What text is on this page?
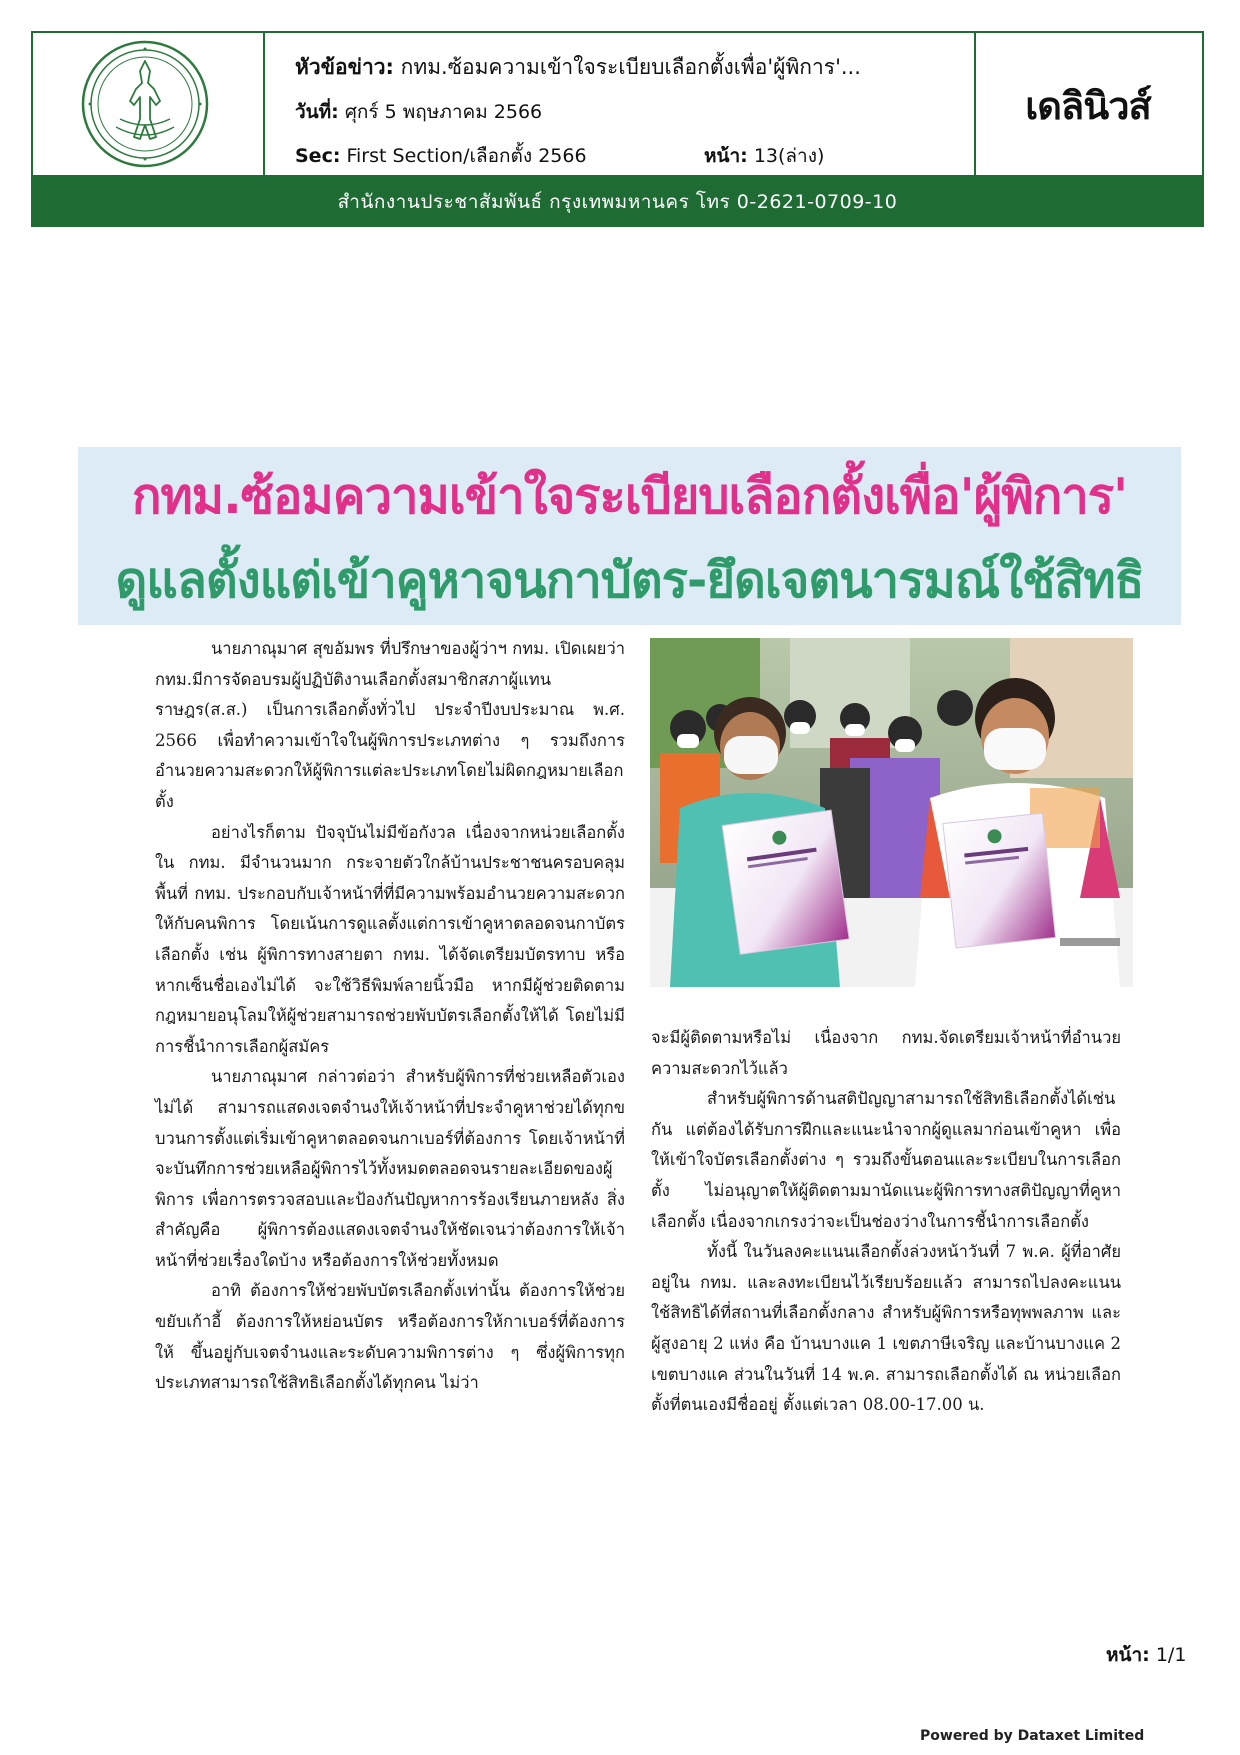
หัวข้อข่าว: กทม.ซ้อมความเข้าใจระเบียบเลือกตั้งเพื่อ'ผู้พิการ'...
วันที่: ศุกร์ 5 พฤษภาคม 2566
Sec: First Section/เลือกตั้ง 2566	หน้า: 13(ล่าง)
เดลินิวส์
สำนักงานประชาสัมพันธ์ กรุงเทพมหานคร โทร 0-2621-0709-10
กทม.ซ้อมความเข้าใจระเบียบเลือกตั้งเพื่อ'ผู้พิการ'
ดูแลตั้งแต่เข้าคูหาจนกาบัตร-ยึดเจตนารมณ์ใช้สิทธิ

นายภาณุมาศ สุขอัมพร ที่ปรึกษาของผู้ว่าฯ กทม. เปิดเผยว่า กทม.มีการจัดอบรมผู้ปฏิบัติงานเลือกตั้งสมาชิกสภาผู้แทนราษฎร(ส.ส.) เป็นการเลือกตั้งทั่วไป ประจำปีงบประมาณ พ.ศ. 2566 เพื่อทำความเข้าใจในผู้พิการประเภทต่าง ๆ รวมถึงการอำนวยความสะดวกให้ผู้พิการแต่ละประเภทโดยไม่ผิดกฎหมายเลือกตั้ง

อย่างไรก็ตาม ปัจจุบันไม่มีข้อกังวล เนื่องจากหน่วยเลือกตั้งใน กทม. มีจำนวนมาก กระจายตัวใกล้บ้านประชาชนครอบคลุมพื้นที่ กทม. ประกอบกับเจ้าหน้าที่ที่มีความพร้อมอำนวยความสะดวกให้กับคนพิการ โดยเน้นการดูแลตั้งแต่การเข้าคูหาตลอดจนกาบัตรเลือกตั้ง เช่น ผู้พิการทางสายตา กทม. ได้จัดเตรียมบัตรทาบ หรือหากเซ็นชื่อเองไม่ได้ จะใช้วิธีพิมพ์ลายนิ้วมือ หากมีผู้ช่วยติดตาม กฎหมายอนุโลมให้ผู้ช่วยสามารถช่วยพับบัตรเลือกตั้งให้ได้ โดยไม่มีการชี้นำการเลือกผู้สมัคร

นายภาณุมาศ กล่าวต่อว่า สำหรับผู้พิการที่ช่วยเหลือตัวเองไม่ได้ สามารถแสดงเจตจำนงให้เจ้าหน้าที่ประจำคูหาช่วยได้ทุกขบวนการตั้งแต่เริ่มเข้าคูหาตลอดจนกาเบอร์ที่ต้องการ โดยเจ้าหน้าที่จะบันทึกการช่วยเหลือผู้พิการไว้ทั้งหมดตลอดจนรายละเอียดของผู้พิการ เพื่อการตรวจสอบและป้องกันปัญหาการร้องเรียนภายหลัง สิ่งสำคัญคือ ผู้พิการต้องแสดงเจตจำนงให้ชัดเจนว่าต้องการให้เจ้าหน้าที่ช่วยเรื่องใดบ้าง หรือต้องการให้ช่วยทั้งหมด

อาทิ ต้องการให้ช่วยพับบัตรเลือกตั้งเท่านั้น ต้องการให้ช่วยขยับเก้าอี้ ต้องการให้หย่อนบัตร หรือต้องการให้กาเบอร์ที่ต้องการให้ ขึ้นอยู่กับเจตจำนงและระดับความพิการต่าง ๆ ซึ่งผู้พิการทุกประเภทสามารถใช้สิทธิเลือกตั้งได้ทุกคน ไม่ว่า

จะมีผู้ติดตามหรือไม่ เนื่องจาก กทม.จัดเตรียมเจ้าหน้าที่อำนวยความสะดวกไว้แล้ว

สำหรับผู้พิการด้านสติปัญญาสามารถใช้สิทธิเลือกตั้งได้เช่นกัน แต่ต้องได้รับการฝึกและแนะนำจากผู้ดูแลมาก่อนเข้าคูหา เพื่อให้เข้าใจบัตรเลือกตั้งต่าง ๆ รวมถึงขั้นตอนและระเบียบในการเลือกตั้ง ไม่อนุญาตให้ผู้ติดตามมานัดแนะผู้พิการทางสติปัญญาที่คูหาเลือกตั้ง เนื่องจากเกรงว่าจะเป็นช่องว่างในการชี้นำการเลือกตั้ง

ทั้งนี้ ในวันลงคะแนนเลือกตั้งล่วงหน้าวันที่ 7 พ.ค. ผู้ที่อาศัยอยู่ใน กทม. และลงทะเบียนไว้เรียบร้อยแล้ว สามารถไปลงคะแนนใช้สิทธิได้ที่สถานที่เลือกตั้งกลาง สำหรับผู้พิการหรือทุพพลภาพ และผู้สูงอายุ 2 แห่ง คือ บ้านบางแค 1 เขตภาษีเจริญ และบ้านบางแค 2 เขตบางแค ส่วนในวันที่ 14 พ.ค. สามารถเลือกตั้งได้ ณ หน่วยเลือกตั้งที่ตนเองมีชื่ออยู่ ตั้งแต่เวลา 08.00-17.00 น.

หน้า: 1/1
Powered by Dataxet Limited
